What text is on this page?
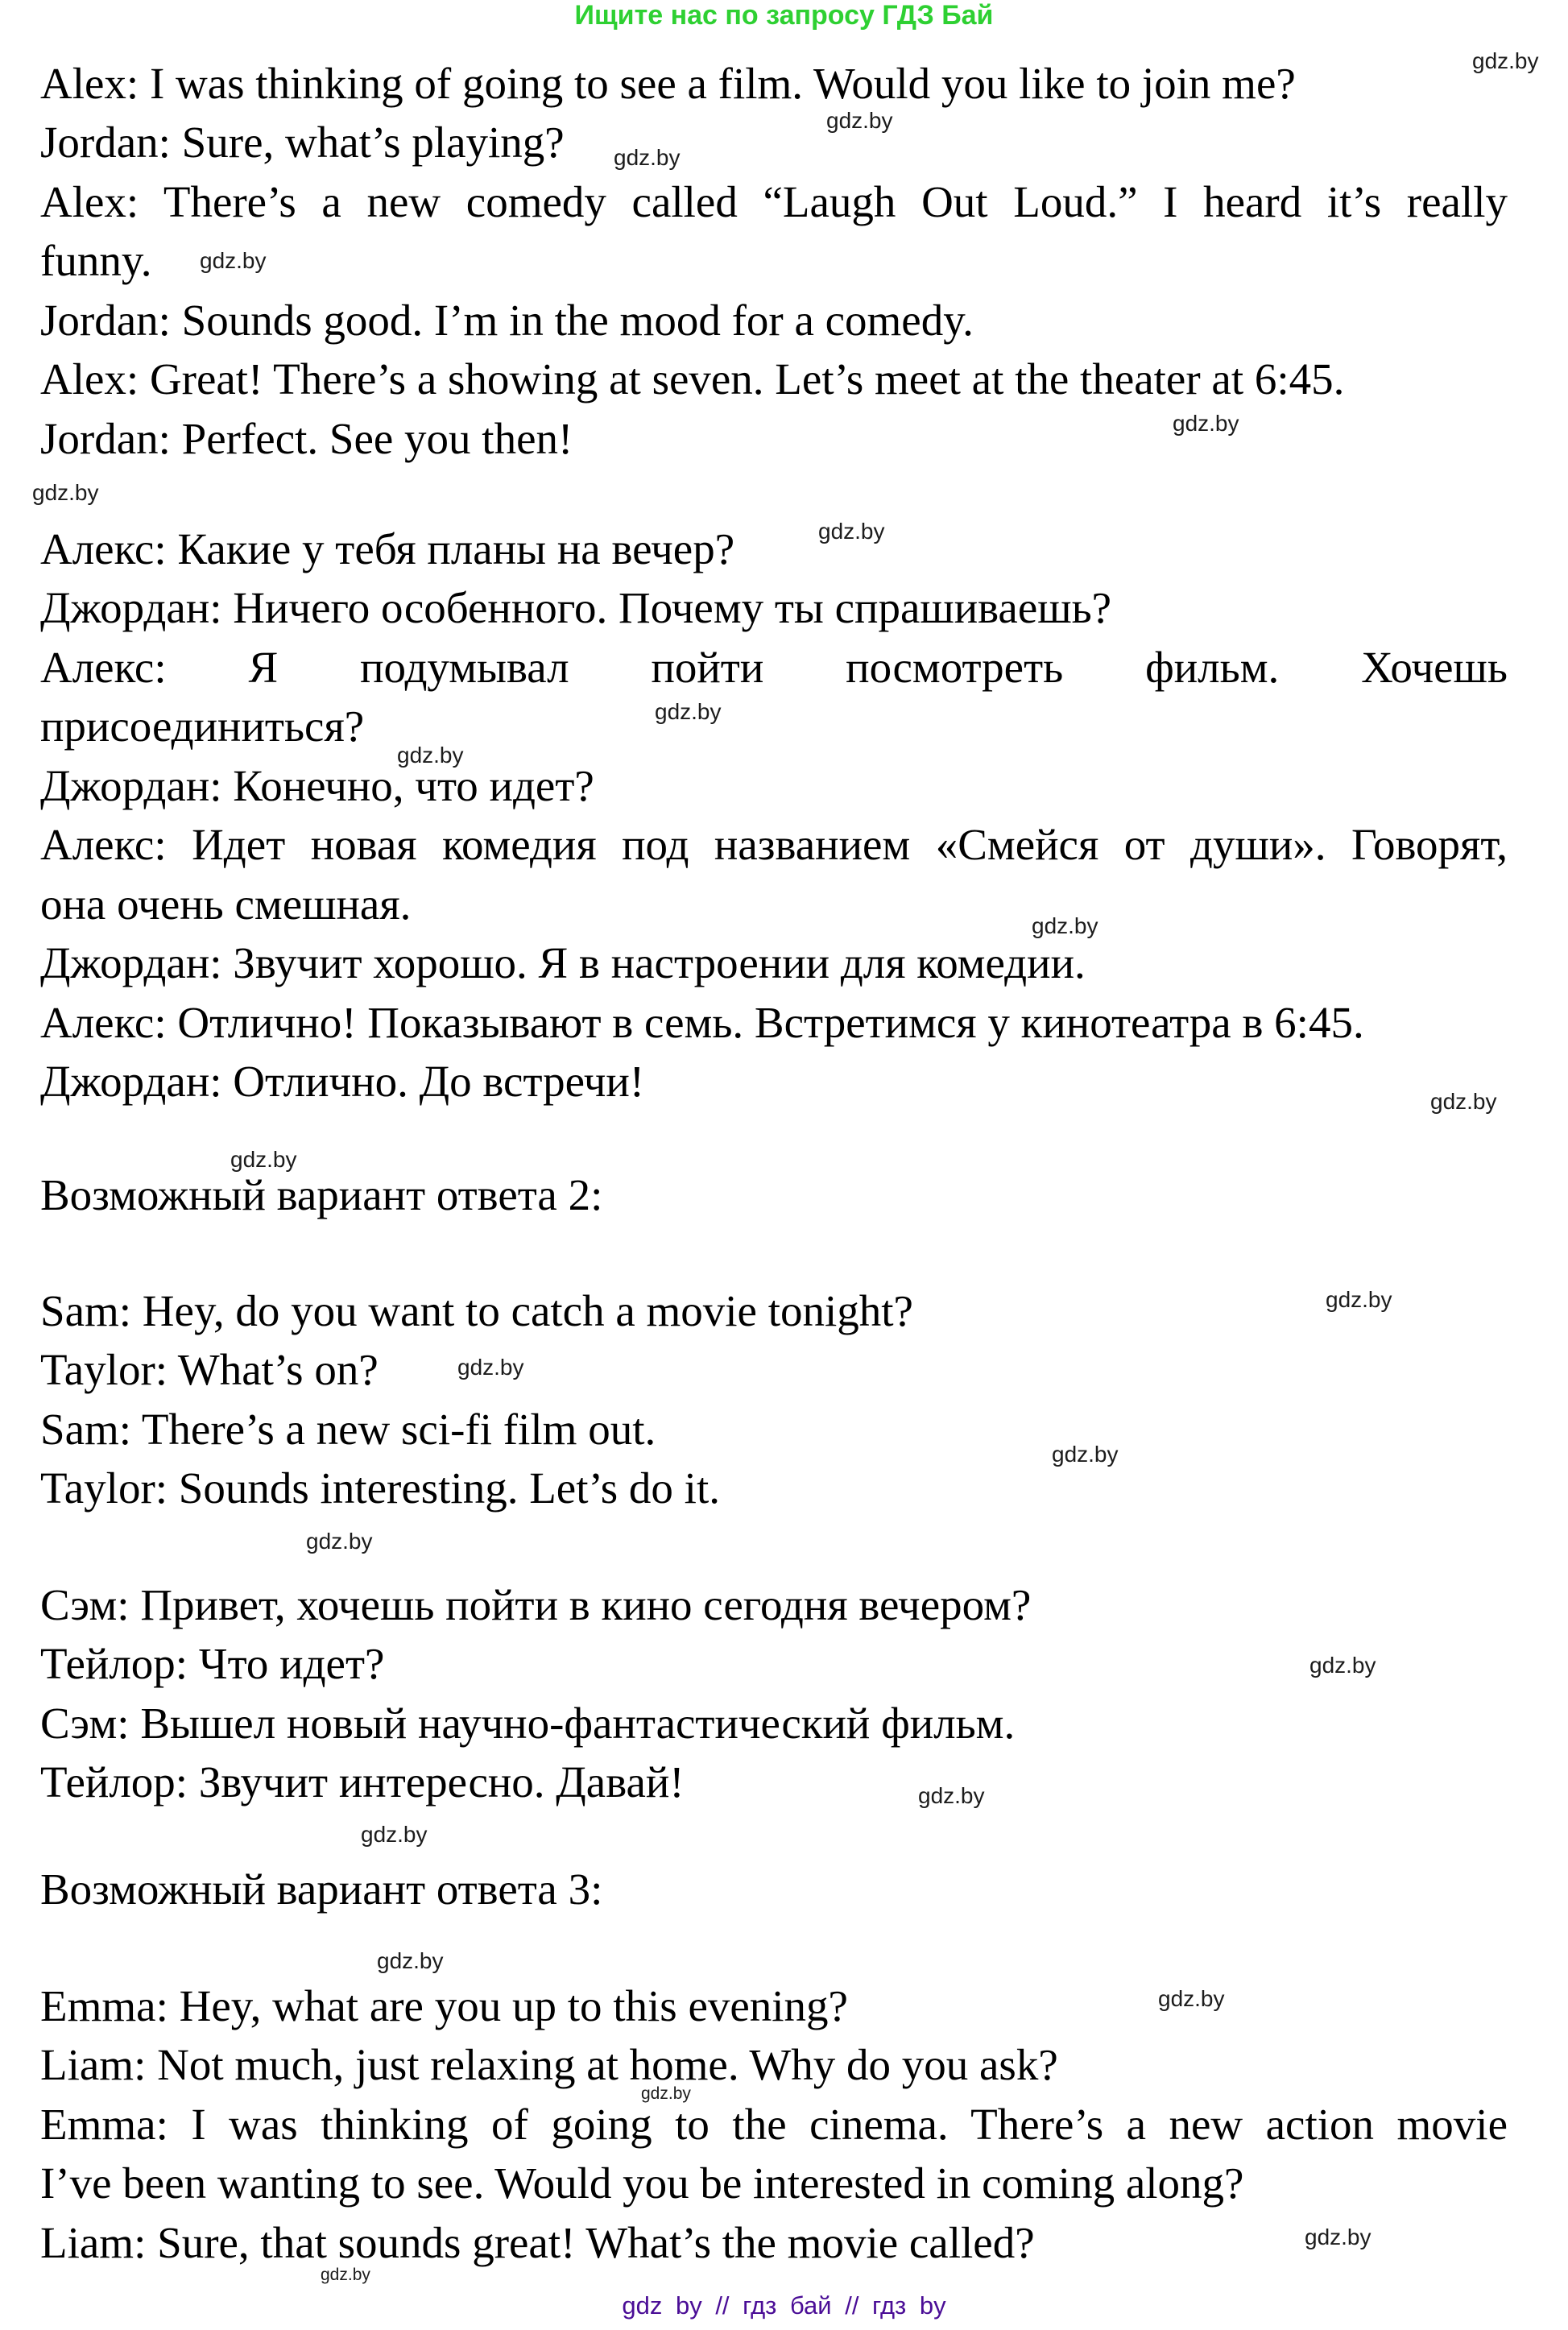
Ищите нас по запросу ГДЗ Бай
Alex: I was thinking of going to see a film. Would you like to join me?
Jordan: Sure, what’s playing?
Alex: There’s a new comedy called “Laugh Out Loud.” I heard it’s really
funny.
Jordan: Sounds good. I’m in the mood for a comedy.
Alex: Great! There’s a showing at seven. Let’s meet at the theater at 6:45.
Jordan: Perfect. See you then!
Алекс: Какие у тебя планы на вечер?
Джордан: Ничего особенного. Почему ты спрашиваешь?
Алекс: Я подумывал пойти посмотреть фильм. Хочешь
присоединиться?
Джордан: Конечно, что идет?
Алекс: Идет новая комедия под названием «Смейся от души». Говорят,
она очень смешная.
Джордан: Звучит хорошо. Я в настроении для комедии.
Алекс: Отлично! Показывают в семь. Встретимся у кинотеатра в 6:45.
Джордан: Отлично. До встречи!
Возможный вариант ответа 2:
Sam: Hey, do you want to catch a movie tonight?
Taylor: What’s on?
Sam: There’s a new sci-fi film out.
Taylor: Sounds interesting. Let’s do it.
Сэм: Привет, хочешь пойти в кино сегодня вечером?
Тейлор: Что идет?
Сэм: Вышел новый научно-фантастический фильм.
Тейлор: Звучит интересно. Давай!
Возможный вариант ответа 3:
Emma: Hey, what are you up to this evening?
Liam: Not much, just relaxing at home. Why do you ask?
Emma: I was thinking of going to the cinema. There’s a new action movie
I’ve been wanting to see. Would you be interested in coming along?
Liam: Sure, that sounds great! What’s the movie called?
gdz.by
gdz.by
gdz.by
gdz.by
gdz.by
gdz.by
gdz.by
gdz.by
gdz.by
gdz.by
gdz.by
gdz.by
gdz.by
gdz.by
gdz.by
gdz.by
gdz.by
gdz.by
gdz.by
gdz.by
gdz.by
gdz.by
gdz.by
gdz.by
gdz by // гдз бай // гдз by
